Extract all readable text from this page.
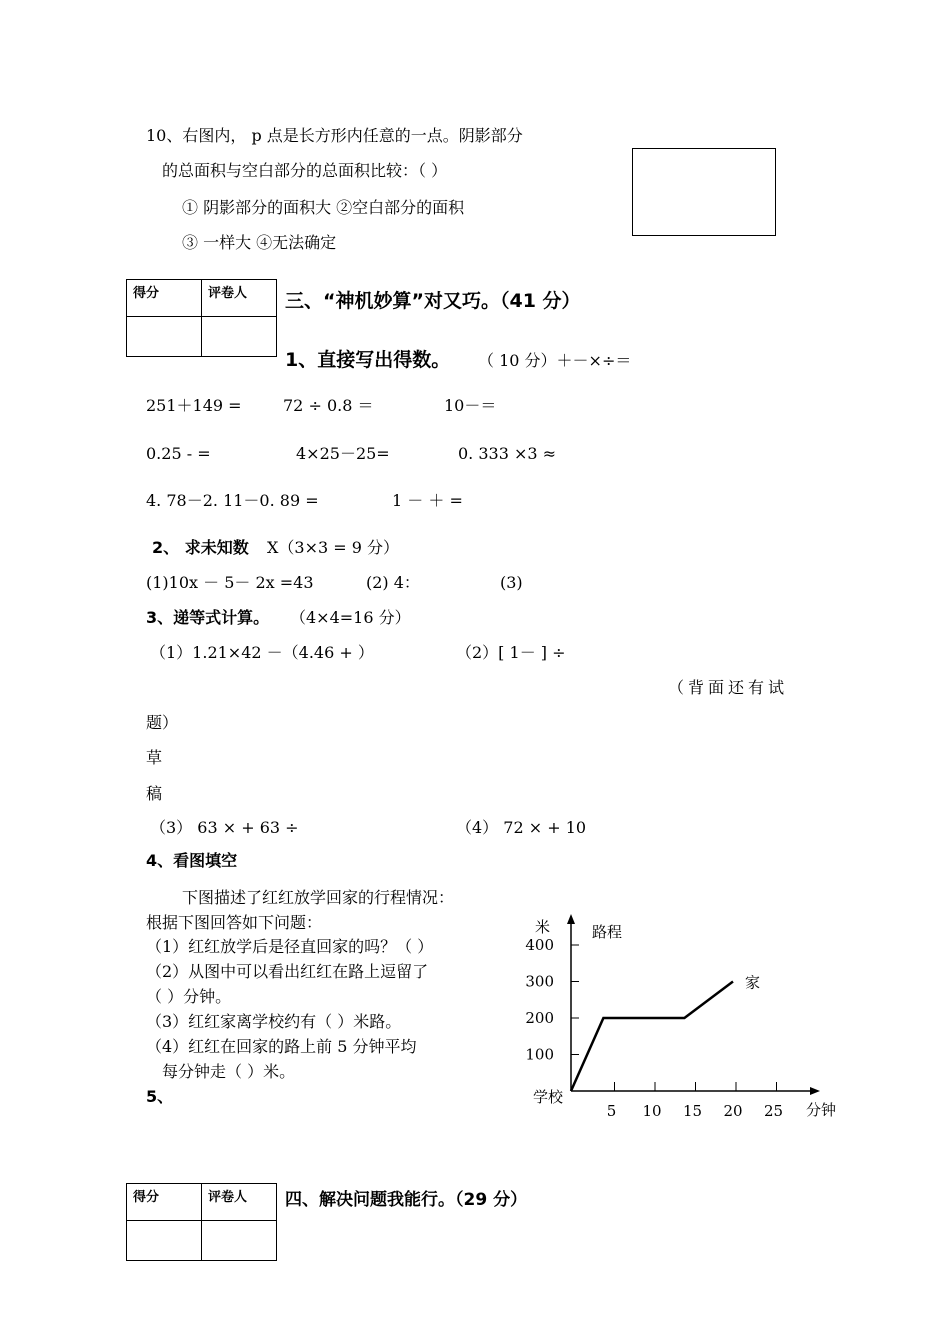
10、右图内， p 点是长方形内任意的一点。阴影部分
的总面积与空白部分的总面积比较：（ ）
① 阴影部分的面积大 ②空白部分的面积
③ 一样大 ④无法确定
得分	评卷人
	三、“神机妙算”对又巧。（41 分）
1、直接写出得数。 （ 10 分）＋－×÷＝
251＋149 =	72 ÷ 0.8 ＝	10－＝
0.25 - =	4×25－25=	0. 333 ×3 ≈
4. 78－2. 11－0. 89 =	1 － ＋ =
2、 求未知数 X（3×3 = 9 分）
(1)10x － 5－ 2x =43	(2) 4：	(3)
3、递等式计算。 （4×4=16 分）
（1）1.21×42 －（4.46 + ）	（2）[ 1－ ] ÷
（背面还有试
题）
草
稿
（3） 63 × + 63 ÷	（4） 72 × + 10
4、看图填空
下图描述了红红放学回家的行程情况：
根据下图回答如下问题：
（1）红红放学后是径直回家的吗？（ ）
（2）从图中可以看出红红在路上逗留了
（ ）分钟。
（3）红红家离学校约有（ ）米路。
（4）红红在回家的路上前 5 分钟平均
每分钟走（ ）米。
5、
5 10 15 20 25
100
200
300
400
米	路程
分钟
学校
家
得分	评卷人
	四、解决问题我能行。（29 分）
